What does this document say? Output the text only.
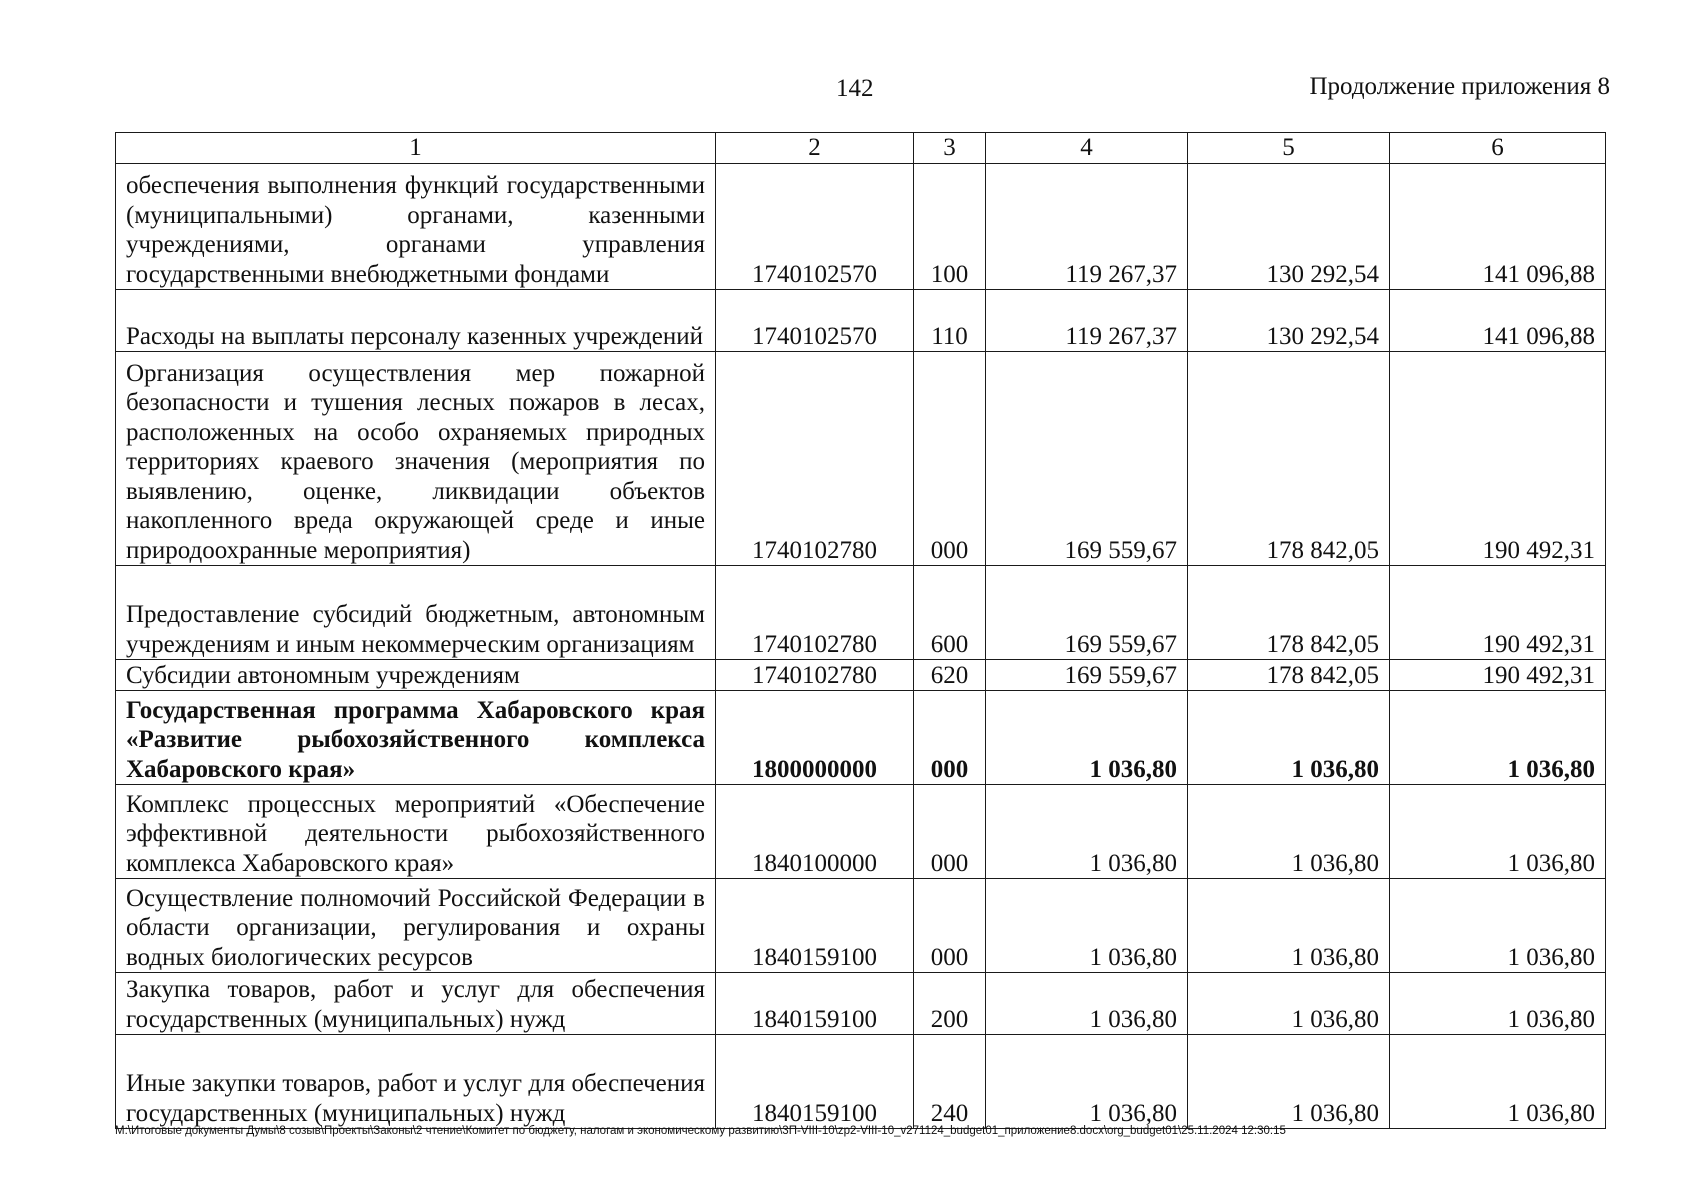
142	Продолжение приложения 8
1	2	3	4	5	6
обеспечения выполнения функций государственными (муниципальными) органами, казенными учреждениями, органами управления государственными внебюджетными фондами	1740102570	100	119 267,37	130 292,54	141 096,88
Расходы на выплаты персоналу казенных учреждений	1740102570	110	119 267,37	130 292,54	141 096,88
Организация осуществления мер пожарной безопасности и тушения лесных пожаров в лесах, расположенных на особо охраняемых природных территориях краевого значения (мероприятия по выявлению, оценке, ликвидации объектов накопленного вреда окружающей среде и иные природоохранные мероприятия)	1740102780	000	169 559,67	178 842,05	190 492,31
Предоставление субсидий бюджетным, автономным учреждениям и иным некоммерческим организациям	1740102780	600	169 559,67	178 842,05	190 492,31
Субсидии автономным учреждениям	1740102780	620	169 559,67	178 842,05	190 492,31
Государственная программа Хабаровского края «Развитие рыбохозяйственного комплекса Хабаровского края»	1800000000	000	1 036,80	1 036,80	1 036,80
Комплекс процессных мероприятий «Обеспечение эффективной деятельности рыбохозяйственного комплекса Хабаровского края»	1840100000	000	1 036,80	1 036,80	1 036,80
Осуществление полномочий Российской Федерации в области организации, регулирования и охраны водных биологических ресурсов	1840159100	000	1 036,80	1 036,80	1 036,80
Закупка товаров, работ и услуг для обеспечения государственных (муниципальных) нужд	1840159100	200	1 036,80	1 036,80	1 036,80
Иные закупки товаров, работ и услуг для обеспечения государственных (муниципальных) нужд	1840159100	240	1 036,80	1 036,80	1 036,80
M:\Итоговые документы Думы\8 созыв\Проекты\Законы\2 чтение\Комитет по бюджету, налогам и экономическому развитию\3П-VIII-10\zp2-VIII-10_v271124_budget01_приложение8.docx\org_budget01\25.11.2024 12:30:15
